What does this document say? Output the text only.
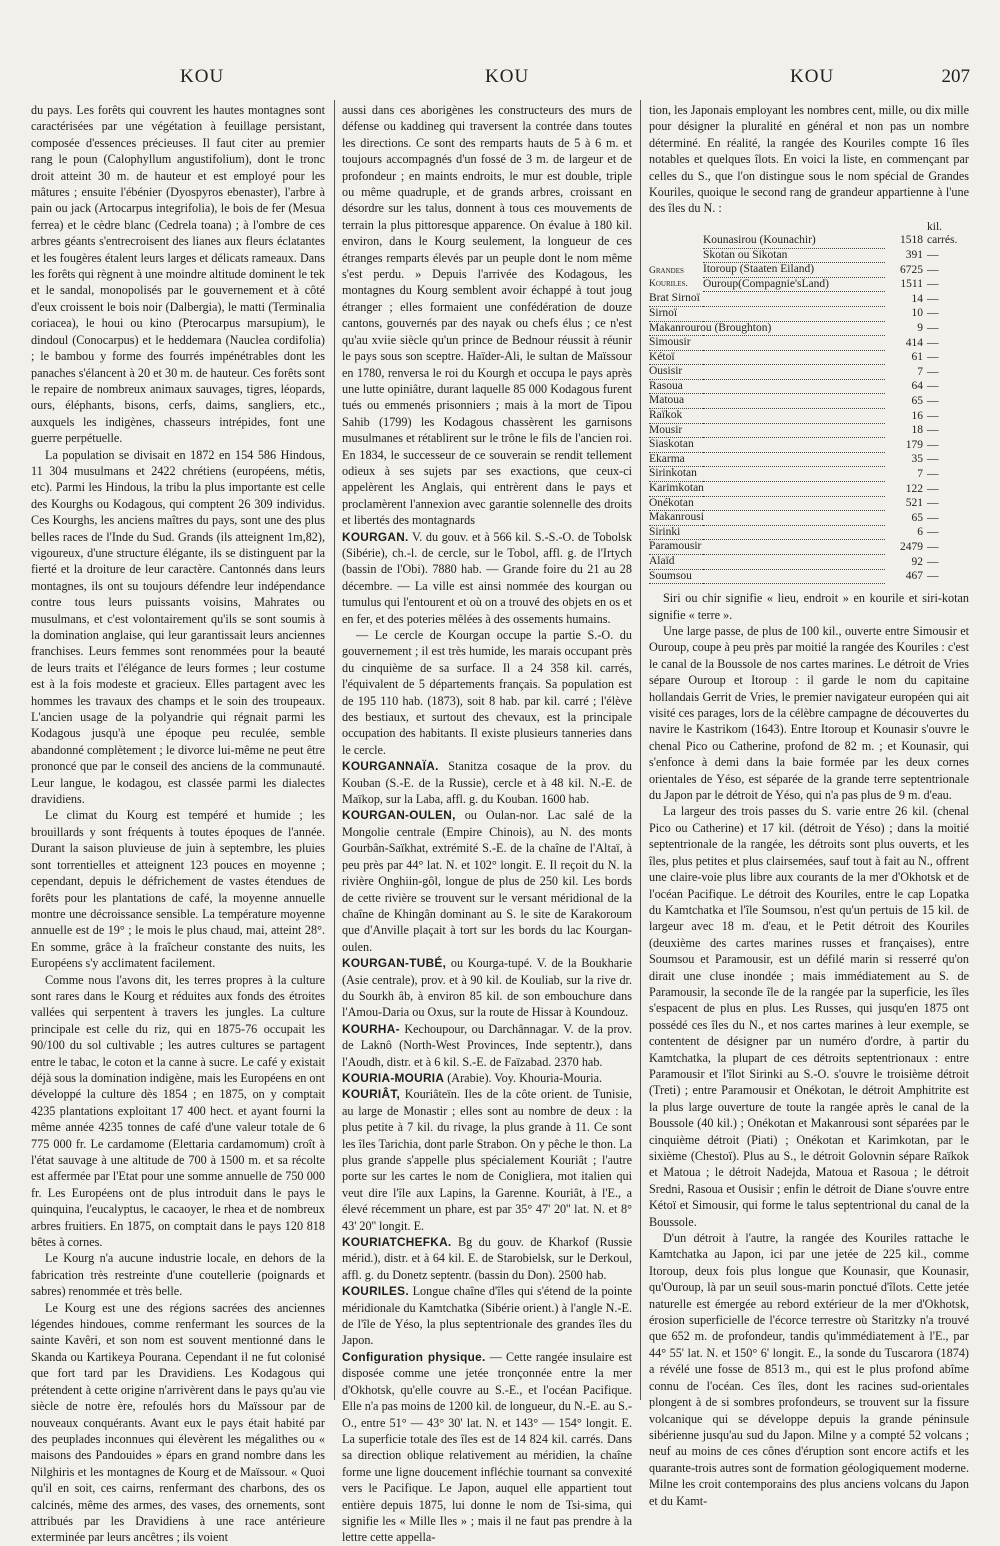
KOU	KOU	KOU	207

du pays. Les forêts qui couvrent les hautes montagnes sont caractérisées par une végétation à feuillage persistant, composée d'essences précieuses. Il faut citer au premier rang le poun (Calophyllum angustifolium), dont le tronc droit atteint 30 m. de hauteur et est employé pour les mâtures ; ensuite l'ébénier (Dyospyros ebenaster), l'arbre à pain ou jack (Artocarpus integrifolia), le bois de fer (Mesua ferrea) et le cèdre blanc (Cedrela toana) ; à l'ombre de ces arbres géants s'entrecroisent des lianes aux fleurs éclatantes et les fougères étalent leurs larges et délicats rameaux. Dans les forêts qui règnent à une moindre altitude dominent le tek et le sandal, monopolisés par le gouvernement et à côté d'eux croissent le bois noir (Dalbergia), le matti (Terminalia coriacea), le houi ou kino (Pterocarpus marsupium), le dindoul (Conocarpus) et le heddemara (Nauclea cordifolia) ; le bambou y forme des fourrés impénétrables dont les panaches s'élancent à 20 et 30 m. de hauteur. Ces forêts sont le repaire de nombreux animaux sauvages, tigres, léopards, ours, éléphants, bisons, cerfs, daims, sangliers, etc., auxquels les indigènes, chasseurs intrépides, font une guerre perpétuelle.

La population se divisait en 1872 en 154 586 Hindous, 11 304 musulmans et 2422 chrétiens (européens, métis, etc). Parmi les Hindous, la tribu la plus importante est celle des Kourghs ou Kodagous, qui comptent 26 309 individus. Ces Kourghs, les anciens maîtres du pays, sont une des plus belles races de l'Inde du Sud. Grands (ils atteignent 1m,82), vigoureux, d'une structure élégante, ils se distinguent par la fierté et la droiture de leur caractère. Cantonnés dans leurs montagnes, ils ont su toujours défendre leur indépendance contre tous leurs puissants voisins, Mahrates ou musulmans, et c'est volontairement qu'ils se sont soumis à la domination anglaise, qui leur garantissait leurs anciennes franchises. Leurs femmes sont renommées pour la beauté de leurs traits et l'élégance de leurs formes ; leur costume est à la fois modeste et gracieux. Elles partagent avec les hommes les travaux des champs et le soin des troupeaux. L'ancien usage de la polyandrie qui régnait parmi les Kodagous jusqu'à une époque peu reculée, semble abandonné complètement ; le divorce lui-même ne peut être prononcé que par le conseil des anciens de la communauté. Leur langue, le kodagou, est classée parmi les dialectes dravidiens.

Le climat du Kourg est tempéré et humide ; les brouillards y sont fréquents à toutes époques de l'année. Durant la saison pluvieuse de juin à septembre, les pluies sont torrentielles et atteignent 123 pouces en moyenne ; cependant, depuis le défrichement de vastes étendues de forêts pour les plantations de café, la moyenne annuelle montre une décroissance sensible. La température moyenne annuelle est de 19° ; le mois le plus chaud, mai, atteint 28°. En somme, grâce à la fraîcheur constante des nuits, les Européens s'y acclimatent facilement.

Comme nous l'avons dit, les terres propres à la culture sont rares dans le Kourg et réduites aux fonds des étroites vallées qui serpentent à travers les jungles. La culture principale est celle du riz, qui en 1875-76 occupait les 90/100 du sol cultivable ; les autres cultures se partagent entre le tabac, le coton et la canne à sucre. Le café y existait déjà sous la domination indigène, mais les Européens en ont développé la culture dès 1854 ; en 1875, on y comptait 4235 plantations exploitant 17 400 hect. et ayant fourni la même année 4235 tonnes de café d'une valeur totale de 6 775 000 fr. Le cardamome (Elettaria cardamomum) croît à l'état sauvage à une altitude de 700 à 1500 m. et sa récolte est affermée par l'Etat pour une somme annuelle de 750 000 fr. Les Européens ont de plus introduit dans le pays le quinquina, l'eucalyptus, le cacaoyer, le rhea et de nombreux arbres fruitiers. En 1875, on comptait dans le pays 120 818 bêtes à cornes.

Le Kourg n'a aucune industrie locale, en dehors de la fabrication très restreinte d'une coutellerie (poignards et sabres) renommée et très belle.

Le Kourg est une des régions sacrées des anciennes légendes hindoues, comme renfermant les sources de la sainte Kavêri, et son nom est souvent mentionné dans le Skanda ou Kartikeya Pourana. Cependant il ne fut colonisé que fort tard par les Dravidiens. Les Kodagous qui prétendent à cette origine n'arrivèrent dans le pays qu'au vie siècle de notre ère, refoulés hors du Maïssour par de nouveaux conquérants. Avant eux le pays était habité par des peuplades inconnues qui élevèrent les mégalithes ou « maisons des Pandouides » épars en grand nombre dans les Nilghiris et les montagnes de Kourg et de Maïssour. « Quoi qu'il en soit, ces cairns, renfermant des charbons, des os calcinés, même des armes, des vases, des ornements, sont attribués par les Dravidiens à une race antérieure exterminée par leurs ancêtres ; ils voient

aussi dans ces aborigènes les constructeurs des murs de défense ou kaddineg qui traversent la contrée dans toutes les directions. Ce sont des remparts hauts de 5 à 6 m. et toujours accompagnés d'un fossé de 3 m. de largeur et de profondeur ; en maints endroits, le mur est double, triple ou même quadruple, et de grands arbres, croissant en désordre sur les talus, donnent à tous ces mouvements de terrain la plus pittoresque apparence. On évalue à 180 kil. environ, dans le Kourg seulement, la longueur de ces étranges remparts élevés par un peuple dont le nom même s'est perdu. » Depuis l'arrivée des Kodagous, les montagnes du Kourg semblent avoir échappé à tout joug étranger ; elles formaient une confédération de douze cantons, gouvernés par des nayak ou chefs élus ; ce n'est qu'au xviie siècle qu'un prince de Bednour réussit à réunir le pays sous son sceptre. Haïder-Ali, le sultan de Maïssour en 1780, renversa le roi du Kourgh et occupa le pays après une lutte opiniâtre, durant laquelle 85 000 Kodagous furent tués ou emmenés prisonniers ; mais à la mort de Tipou Sahib (1799) les Kodagous chassèrent les garnisons musulmanes et rétablirent sur le trône le fils de l'ancien roi. En 1834, le successeur de ce souverain se rendit tellement odieux à ses sujets par ses exactions, que ceux-ci appelèrent les Anglais, qui entrèrent dans le pays et proclamèrent l'annexion avec garantie solennelle des droits et libertés des montagnards

KOURGAN. V. du gouv. et à 566 kil. S.-S.-O. de Tobolsk (Sibérie), ch.-l. de cercle, sur le Tobol, affl. g. de l'Irtych (bassin de l'Obi). 7880 hab. — Grande foire du 21 au 28 décembre. — La ville est ainsi nommée des kourgan ou tumulus qui l'entourent et où on a trouvé des objets en os et en fer, et des poteries mêlées à des ossements humains.

— Le cercle de Kourgan occupe la partie S.-O. du gouvernement ; il est très humide, les marais occupant près du cinquième de sa surface. Il a 24 358 kil. carrés, l'équivalent de 5 départements français. Sa population est de 195 110 hab. (1873), soit 8 hab. par kil. carré ; l'élève des bestiaux, et surtout des chevaux, est la principale occupation des habitants. Il existe plusieurs tanneries dans le cercle.

KOURGANNAÏA. Stanitza cosaque de la prov. du Kouban (S.-E. de la Russie), cercle et à 48 kil. N.-E. de Maïkop, sur la Laba, affl. g. du Kouban. 1600 hab.

KOURGAN-OULEN, ou Oulan-nor. Lac salé de la Mongolie centrale (Empire Chinois), au N. des monts Gourbân-Saïkhat, extrémité S.-E. de la chaîne de l'Altaï, à peu près par 44° lat. N. et 102° longit. E. Il reçoit du N. la rivière Onghiin-gôl, longue de plus de 250 kil. Les bords de cette rivière se trouvent sur le versant méridional de la chaîne de Khingân dominant au S. le site de Karakoroum que d'Anville plaçait à tort sur les bords du lac Kourgan-oulen.

KOURGAN-TUBÉ, ou Kourga-tupé. V. de la Boukharie (Asie centrale), prov. et à 90 kil. de Kouliab, sur la rive dr. du Sourkh âb, à environ 85 kil. de son embouchure dans l'Amou-Daria ou Oxus, sur la route de Hissar à Koundouz.

KOURHA- Kechoupour, ou Darchânnagar. V. de la prov. de Laknô (North-West Provinces, Inde septentr.), dans l'Aoudh, distr. et à 6 kil. S.-E. de Faïzabad. 2370 hab.

KOURIA-MOURIA (Arabie). Voy. Khouria-Mouria.

KOURIÂT, Kouriâteïn. Iles de la côte orient. de Tunisie, au large de Monastir ; elles sont au nombre de deux : la plus petite à 7 kil. du rivage, la plus grande à 11. Ce sont les îles Tarichia, dont parle Strabon. On y pêche le thon. La plus grande s'appelle plus spécialement Kouriât ; l'autre porte sur les cartes le nom de Conigliera, mot italien qui veut dire l'île aux Lapins, la Garenne. Kouriât, à l'E., a élevé récemment un phare, est par 35° 47' 20'' lat. N. et 8° 43' 20'' longit. E.

KOURIATCHEFKA. Bg du gouv. de Kharkof (Russie mérid.), distr. et à 64 kil. E. de Starobielsk, sur le Derkoul, affl. g. du Donetz septentr. (bassin du Don). 2500 hab.

KOURILES. Longue chaîne d'îles qui s'étend de la pointe méridionale du Kamtchatka (Sibérie orient.) à l'angle N.-E. de l'île de Yéso, la plus septentrionale des grandes îles du Japon.

Configuration physique. — Cette rangée insulaire est disposée comme une jetée tronçonnée entre la mer d'Okhotsk, qu'elle couvre au S.-E., et l'océan Pacifique. Elle n'a pas moins de 1200 kil. de longueur, du N.-E. au S.-O., entre 51° — 43° 30' lat. N. et 143° — 154° longit. E. La superficie totale des îles est de 14 824 kil. carrés. Dans sa direction oblique relativement au méridien, la chaîne forme une ligne doucement infléchie tournant sa convexité vers le Pacifique. Le Japon, auquel elle appartient tout entière depuis 1875, lui donne le nom de Tsi-sima, qui signifie les « Mille Iles » ; mais il ne faut pas prendre à la lettre cette appella-

tion, les Japonais employant les nombres cent, mille, ou dix mille pour désigner la pluralité en général et non pas un nombre déterminé. En réalité, la rangée des Kouriles compte 16 îles notables et quelques îlots. En voici la liste, en commençant par celles du S., que l'on distingue sous le nom spécial de Grandes Kouriles, quoique le second rang de grandeur appartienne à l'une des îles du N. :

Grandes Kouriles.	Kounasirou (Kounachir)	1518	kil. carrés.
	Skotan ou Sikotan	391	—
	Itoroup (Staaten Eiland)	6725	—
	Ouroup(Compagnie'sLand)	1511	—
Brat Sirnoï		14	—
Sirnoï		10	—
Makanrourou (Broughton)		9	—
Simousir		414	—
Kétoï		61	—
Ousisir		7	—
Rasoua		64	—
Matoua		65	—
Raïkok		16	—
Mousir		18	—
Siaskotan		179	—
Ekarma		35	—
Sirinkotan		7	—
Karimkotan		122	—
Onékotan		521	—
Makanrousi		65	—
Sirinki		6	—
Paramousir		2479	—
Alaïd		92	—
Soumsou		467	—

Siri ou chir signifie « lieu, endroit » en kourile et siri-kotan signifie « terre ».

Une large passe, de plus de 100 kil., ouverte entre Simousir et Ouroup, coupe à peu près par moitié la rangée des Kouriles : c'est le canal de la Boussole de nos cartes marines. Le détroit de Vries sépare Ouroup et Itoroup : il garde le nom du capitaine hollandais Gerrit de Vries, le premier navigateur européen qui ait visité ces parages, lors de la célèbre campagne de découvertes du navire le Kastrikom (1643). Entre Itoroup et Kounasir s'ouvre le chenal Pico ou Catherine, profond de 82 m. ; et Kounasir, qui s'enfonce à demi dans la baie formée par les deux cornes orientales de Yéso, est séparée de la grande terre septentrionale du Japon par le détroit de Yéso, qui n'a pas plus de 9 m. d'eau.

La largeur des trois passes du S. varie entre 26 kil. (chenal Pico ou Catherine) et 17 kil. (détroit de Yéso) ; dans la moitié septentrionale de la rangée, les détroits sont plus ouverts, et les îles, plus petites et plus clairsemées, sauf tout à fait au N., offrent une claire-voie plus libre aux courants de la mer d'Okhotsk et de l'océan Pacifique. Le détroit des Kouriles, entre le cap Lopatka du Kamtchatka et l'île Soumsou, n'est qu'un pertuis de 15 kil. de largeur avec 18 m. d'eau, et le Petit détroit des Kouriles (deuxième des cartes marines russes et françaises), entre Soumsou et Paramousir, est un défilé marin si resserré qu'on dirait une cluse inondée ; mais immédiatement au S. de Paramousir, la seconde île de la rangée par la superficie, les îles s'espacent de plus en plus. Les Russes, qui jusqu'en 1875 ont possédé ces îles du N., et nos cartes marines à leur exemple, se contentent de désigner par un numéro d'ordre, à partir du Kamtchatka, la plupart de ces détroits septentrionaux : entre Paramousir et l'îlot Sirinki au S.-O. s'ouvre le troisième détroit (Treti) ; entre Paramousir et Onékotan, le détroit Amphitrite est la plus large ouverture de toute la rangée après le canal de la Boussole (40 kil.) ; Onékotan et Makanrousi sont séparées par le cinquième détroit (Piati) ; Onékotan et Karimkotan, par le sixième (Chestoï). Plus au S., le détroit Golovnin sépare Raïkok et Matoua ; le détroit Nadejda, Matoua et Rasoua ; le détroit Sredni, Rasoua et Ousisir ; enfin le détroit de Diane s'ouvre entre Kétoï et Simousir, qui forme le talus septentrional du canal de la Boussole.

D'un détroit à l'autre, la rangée des Kouriles rattache le Kamtchatka au Japon, ici par une jetée de 225 kil., comme Itoroup, deux fois plus longue que Kounasir, que Kounasir, qu'Ouroup, là par un seuil sous-marin ponctué d'îlots. Cette jetée naturelle est émergée au rebord extérieur de la mer d'Okhotsk, érosion superficielle de l'écorce terrestre où Staritzky n'a trouvé que 652 m. de profondeur, tandis qu'immédiatement à l'E., par 44° 55' lat. N. et 150° 6' longit. E., la sonde du Tuscarora (1874) a révélé une fosse de 8513 m., qui est le plus profond abîme connu de l'océan. Ces îles, dont les racines sud-orientales plongent à de si sombres profondeurs, se trouvent sur la fissure volcanique qui se développe depuis la grande péninsule sibérienne jusqu'au sud du Japon. Milne y a compté 52 volcans ; neuf au moins de ces cônes d'éruption sont encore actifs et les quarante-trois autres sont de formation géologiquement moderne. Milne les croit contemporains des plus anciens volcans du Japon et du Kamt-
